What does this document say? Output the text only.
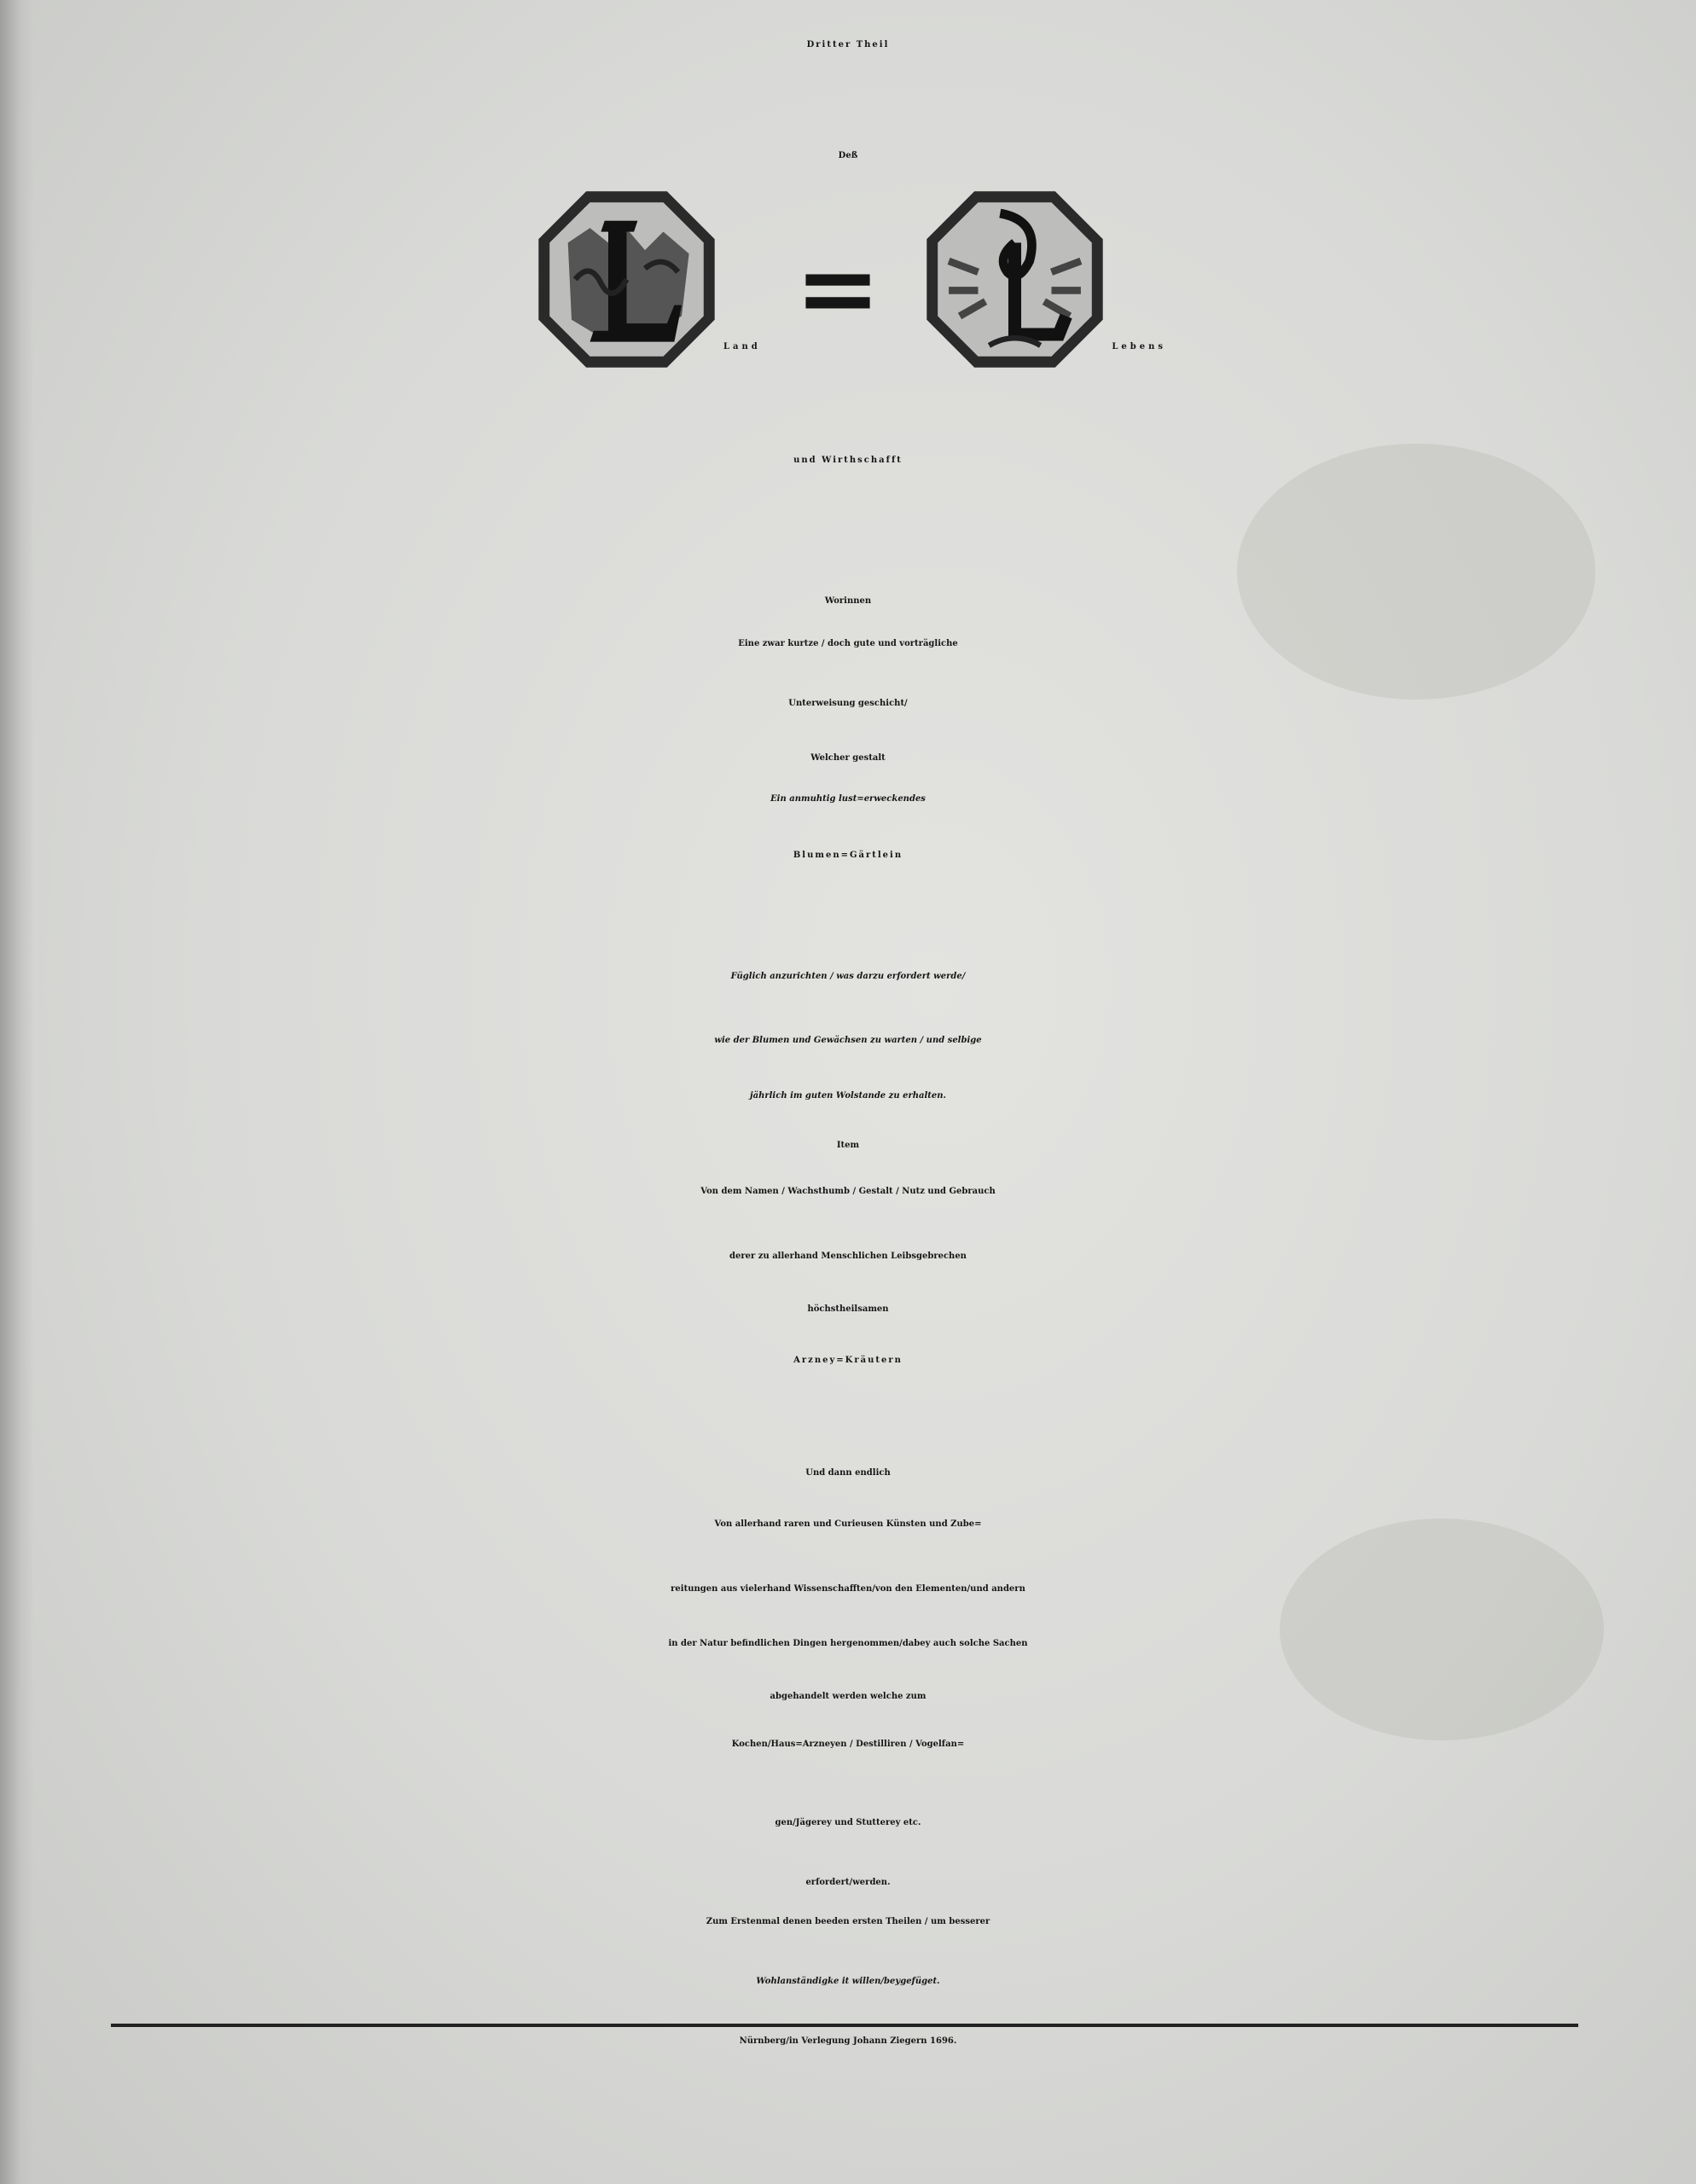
Dritter Theil
Deß
Land =	Lebens
und Wirthschafft
Worinnen
Eine zwar kurtze / doch gute und vorträgliche
Unterweisung geschicht/
Welcher gestalt
Ein anmuhtig lust=erweckendes
Blumen=Gärtlein
Füglich anzurichten / was darzu erfordert werde/
wie der Blumen und Gewächsen zu warten / und selbige
jährlich im guten Wolstande zu erhalten.
Item
Von dem Namen / Wachsthumb / Gestalt / Nutz und Gebrauch
derer zu allerhand Menschlichen Leibsgebrechen
höchstheilsamen
Arzney=Kräutern
Und dann endlich
Von allerhand raren und Curieusen Künsten und Zube=
reitungen aus vielerhand Wissenschafften/von den Elementen/und andern
in der Natur befindlichen Dingen hergenommen/dabey auch solche Sachen
abgehandelt werden welche zum
Kochen/Haus=Arzneyen / Destilliren / Vogelfan=
gen/Jägerey und Stutterey etc.
erfordert/werden.
Zum Erstenmal denen beeden ersten Theilen / um besserer
Wohlanständigke it willen/beygefüget.
Nürnberg/in Verlegung Johann Ziegern 1696.
